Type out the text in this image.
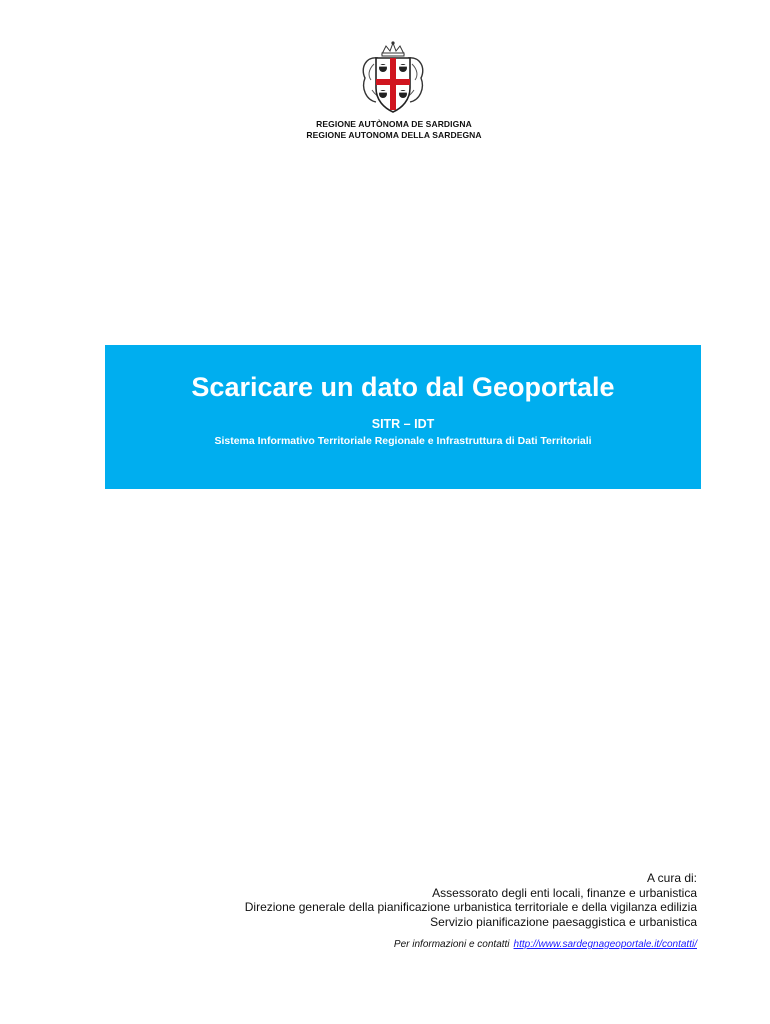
REGIONE AUTÒNOMA DE SARDIGNA
REGIONE AUTONOMA DELLA SARDEGNA
Scaricare un dato dal Geoportale
SITR – IDT
Sistema Informativo Territoriale Regionale e Infrastruttura di Dati Territoriali
A cura di:
Assessorato degli enti locali, finanze e urbanistica
Direzione generale della pianificazione urbanistica territoriale e della vigilanza edilizia
Servizio pianificazione paesaggistica e urbanistica
Per informazioni e contatti http://www.sardegnageoportale.it/contatti/
